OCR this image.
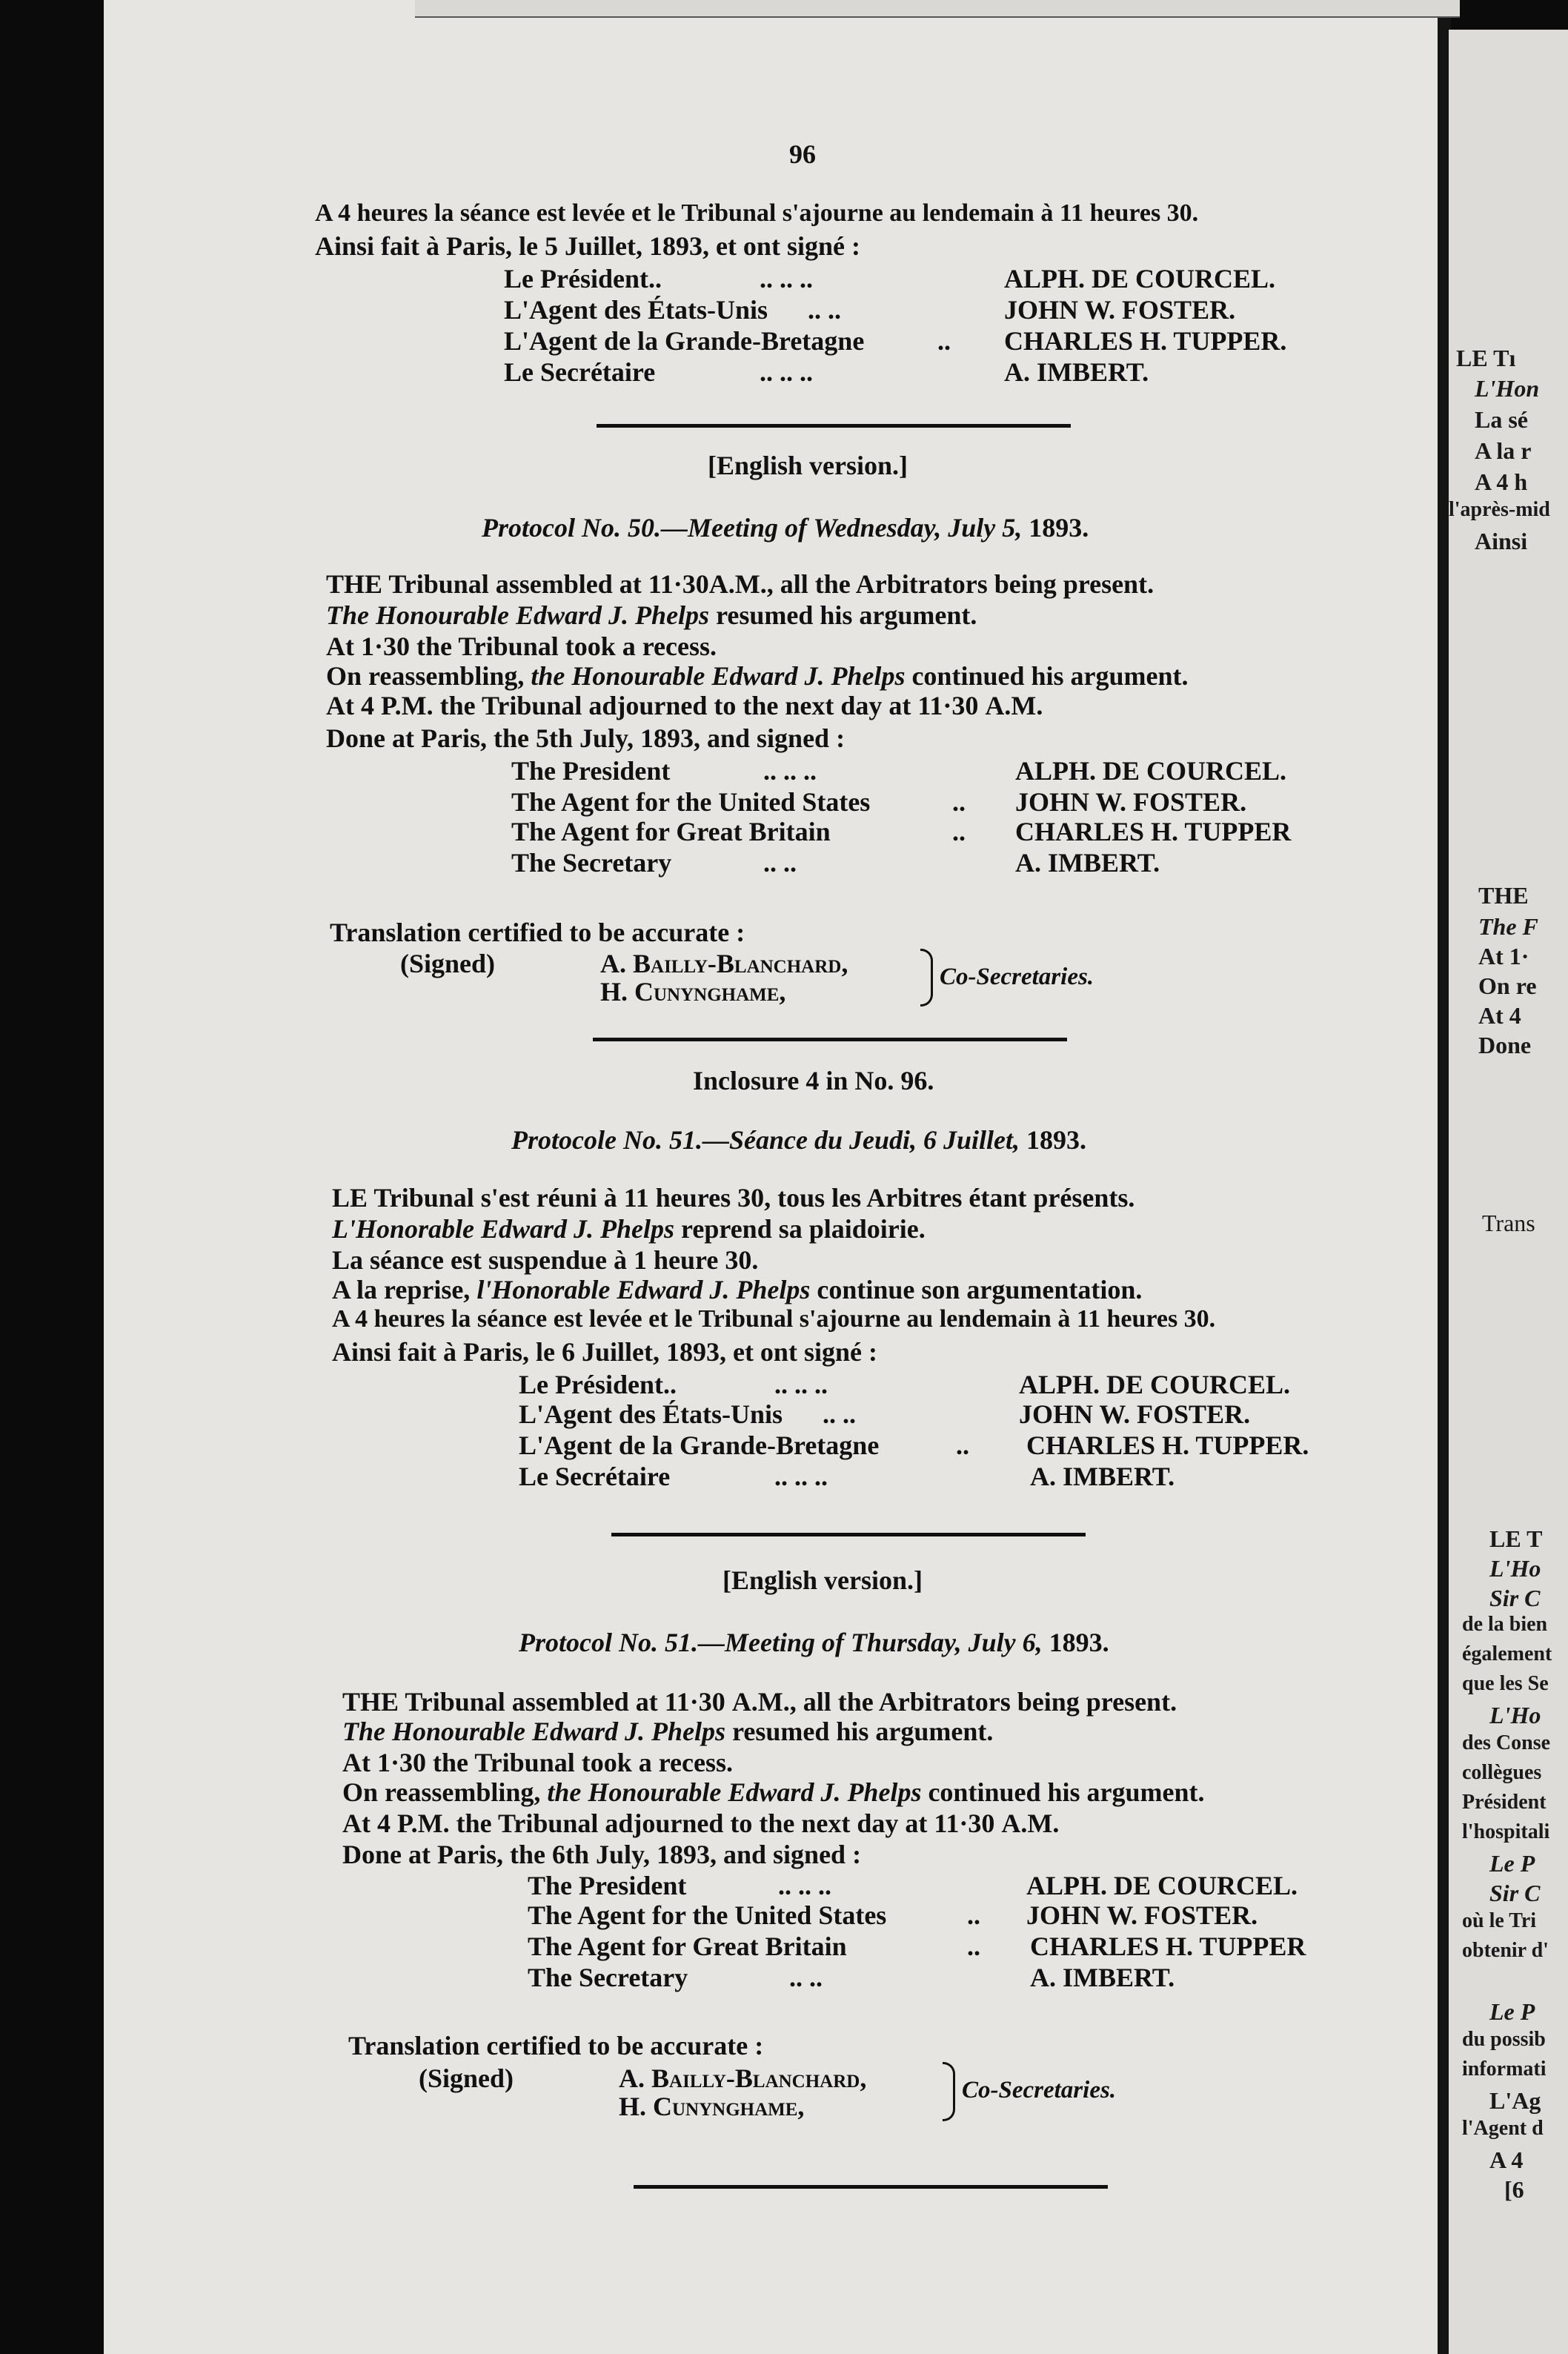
96
A 4 heures la séance est levée et le Tribunal s'ajourne au lendemain à 11 heures 30.
Ainsi fait à Paris, le 5 Juillet, 1893, et ont signé :
Le Président..	.. .. ..	ALPH. DE COURCEL.
L'Agent des États-Unis .. ..	JOHN W. FOSTER.
L'Agent de la Grande-Bretagne	.. CHARLES H. TUPPER.
Le Secrétaire	.. .. ..	A. IMBERT.
[English version.]
Protocol No. 50.—Meeting of Wednesday, July 5, 1893.
THE Tribunal assembled at 11·30A.M., all the Arbitrators being present.
The Honourable Edward J. Phelps resumed his argument.
At 1·30 the Tribunal took a recess.
On reassembling, the Honourable Edward J. Phelps continued his argument.
At 4 P.M. the Tribunal adjourned to the next day at 11·30 A.M.
Done at Paris, the 5th July, 1893, and signed :
The President	.. .. ..	ALPH. DE COURCEL.
The Agent for the United States	.. JOHN W. FOSTER.
The Agent for Great Britain	.. CHARLES H. TUPPER
The Secretary	.. ..	A. IMBERT.
Translation certified to be accurate :
(Signed)	A. Bailly-Blanchard,
H. Cunynghame,	Co-Secretaries.
Inclosure 4 in No. 96.
Protocole No. 51.—Séance du Jeudi, 6 Juillet, 1893.
LE Tribunal s'est réuni à 11 heures 30, tous les Arbitres étant présents.
L'Honorable Edward J. Phelps reprend sa plaidoirie.
La séance est suspendue à 1 heure 30.
A la reprise, l'Honorable Edward J. Phelps continue son argumentation.
A 4 heures la séance est levée et le Tribunal s'ajourne au lendemain à 11 heures 30.
Ainsi fait à Paris, le 6 Juillet, 1893, et ont signé :
Le Président..	.. .. ..	ALPH. DE COURCEL.
L'Agent des États-Unis .. ..	JOHN W. FOSTER.
L'Agent de la Grande-Bretagne	.. CHARLES H. TUPPER.
Le Secrétaire	.. .. ..	A. IMBERT.
[English version.]
Protocol No. 51.—Meeting of Thursday, July 6, 1893.
THE Tribunal assembled at 11·30 A.M., all the Arbitrators being present.
The Honourable Edward J. Phelps resumed his argument.
At 1·30 the Tribunal took a recess.
On reassembling, the Honourable Edward J. Phelps continued his argument.
At 4 P.M. the Tribunal adjourned to the next day at 11·30 A.M.
Done at Paris, the 6th July, 1893, and signed :
The President	.. .. ..	ALPH. DE COURCEL.
The Agent for the United States	.. JOHN W. FOSTER.
The Agent for Great Britain	.. CHARLES H. TUPPER
The Secretary	.. ..	A. IMBERT.
Translation certified to be accurate :
(Signed)	A. Bailly-Blanchard,
H. Cunynghame,
Co-Secretaries.
LE Tı
L'Hon
La sé
A la r
A 4 h
l'après-mid
Ainsi
THE
The F
At 1·
On re
At 4
Done
Trans
LE T
L'Ho
Sir C
de la bien
également
que les Se
L'Ho
des Conse
collègues
Président
l'hospitali
Le P
Sir C
où le Tri
obtenir d'
Le P
du possib
informati
L'Ag
l'Agent d
A 4
[6
